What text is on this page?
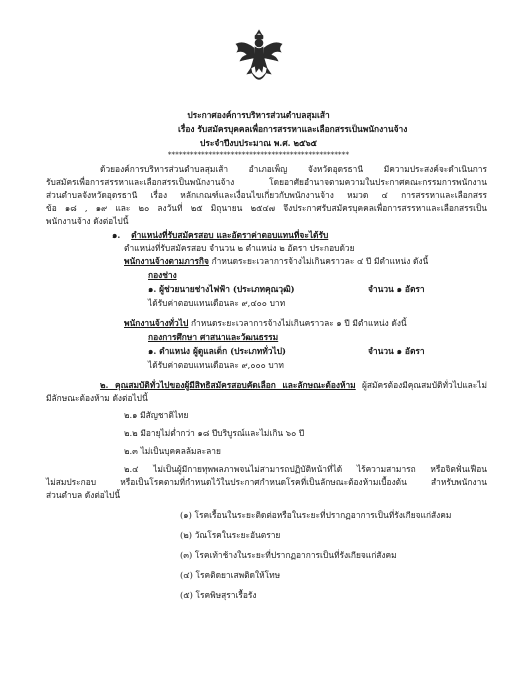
ประกาศองค์การบริหารส่วนตำบลสุมเส้า
เรื่อง รับสมัครบุคคลเพื่อการสรรหาและเลือกสรรเป็นพนักงานจ้าง
ประจำปีงบประมาณ พ.ศ. ๒๕๖๕
*************************************************
ด้วยองค์การบริหารส่วนตำบลสุมเส้า อำเภอเพ็ญ จังหวัดอุดรธานี มีความประสงค์จะดำเนินการ
รับสมัครเพื่อการสรรหาและเลือกสรรเป็นพนักงานจ้าง โดยอาศัยอำนาจตามความในประกาศคณะกรรมการพนักงาน
ส่วนตำบลจังหวัดอุดรธานี เรื่อง หลักเกณฑ์และเงื่อนไขเกี่ยวกับพนักงานจ้าง หมวด ๔ การสรรหาและเลือกสรร
ข้อ ๑๘ , ๑๙ และ ๒๐ ลงวันที่ ๒๕ มิถุนายน ๒๕๔๗ จึงประกาศรับสมัครบุคคลเพื่อการสรรหาและเลือกสรรเป็น
พนักงานจ้าง ดังต่อไปนี้
๑. ตำแหน่งที่รับสมัครสอบ และอัตราค่าตอบแทนที่จะได้รับ
ตำแหน่งที่รับสมัครสอบ จำนวน ๒ ตำแหน่ง ๒ อัตรา ประกอบด้วย
พนักงานจ้างตามภารกิจ กำหนดระยะเวลาการจ้างไม่เกินคราวละ ๔ ปี มีตำแหน่ง ดังนี้
กองช่าง
๑. ผู้ช่วยนายช่างไฟฟ้า (ประเภทคุณวุฒิ)	จำนวน ๑ อัตรา
ได้รับค่าตอบแทนเดือนละ ๙,๔๐๐ บาท
พนักงานจ้างทั่วไป กำหนดระยะเวลาการจ้างไม่เกินคราวละ ๑ ปี มีตำแหน่ง ดังนี้
กองการศึกษา ศาสนาและวัฒนธรรม
๑. ตำแหน่ง ผู้ดูแลเด็ก (ประเภททั่วไป)	จำนวน ๑ อัตรา
ได้รับค่าตอบแทนเดือนละ ๙,๐๐๐ บาท
๒. คุณสมบัติทั่วไปของผู้มีสิทธิสมัครสอบคัดเลือก และลักษณะต้องห้าม ผู้สมัครต้องมีคุณสมบัติทั่วไปและไม่
มีลักษณะต้องห้าม ดังต่อไปนี้
๒.๑ มีสัญชาติไทย
๒.๒ มีอายุไม่ต่ำกว่า ๑๘ ปีบริบูรณ์และไม่เกิน ๖๐ ปี
๒.๓ ไม่เป็นบุคคลล้มละลาย
๒.๔ ไม่เป็นผู้มีกายทุพพลภาพจนไม่สามารถปฏิบัติหน้าที่ได้ ไร้ความสามารถ หรือจิตฟั่นเฟือน
ไม่สมประกอบ หรือเป็นโรคตามที่กำหนดไว้ในประกาศกำหนดโรคที่เป็นลักษณะต้องห้ามเบื้องต้น สำหรับพนักงาน
ส่วนตำบล ดังต่อไปนี้
(๑) โรคเรื้อนในระยะติดต่อหรือในระยะที่ปรากฏอาการเป็นที่รังเกียจแก่สังคม
(๒) วัณโรคในระยะอันตราย
(๓) โรคเท้าช้างในระยะที่ปรากฏอาการเป็นที่รังเกียจแก่สังคม
(๔) โรคติดยาเสพติดให้โทษ
(๕) โรคพิษสุราเรื้อรัง
